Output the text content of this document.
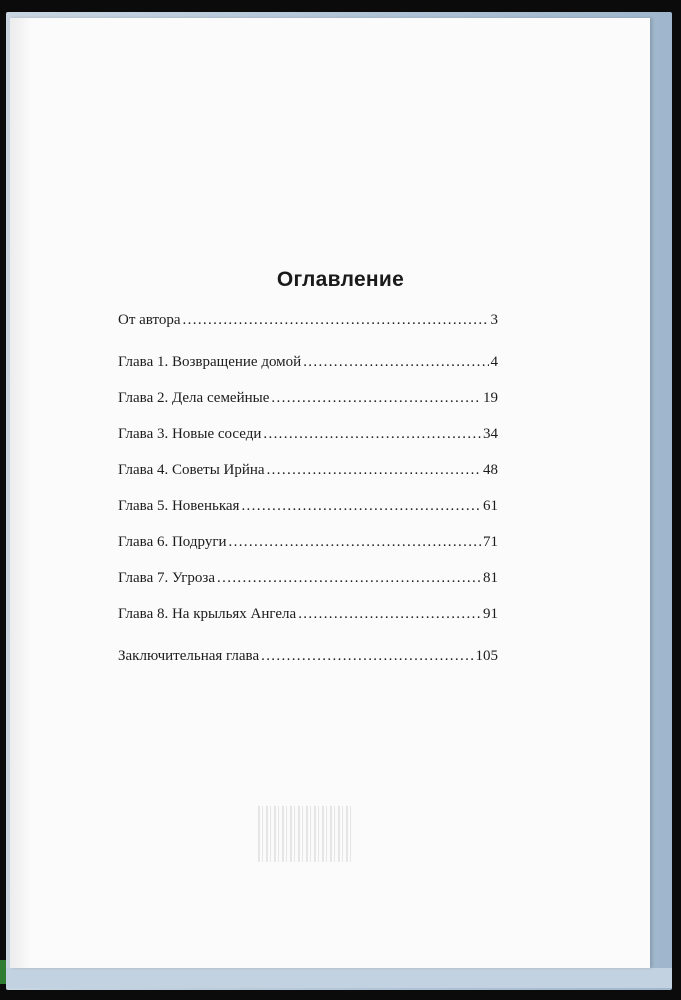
Оглавление
От автора . . .	3
Глава 1. Возвращение домой . . .	4
Глава 2. Дела семейные . . .	19
Глава 3. Новые соседи . . .	34
Глава 4. Советы Ирйна . . .	48
Глава 5. Новенькая . . .	61
Глава 6. Подруги . . .	71
Глава 7. Угроза . . .	81
Глава 8. На крыльях Ангела . . .	91
Заключительная глава . . .	105
